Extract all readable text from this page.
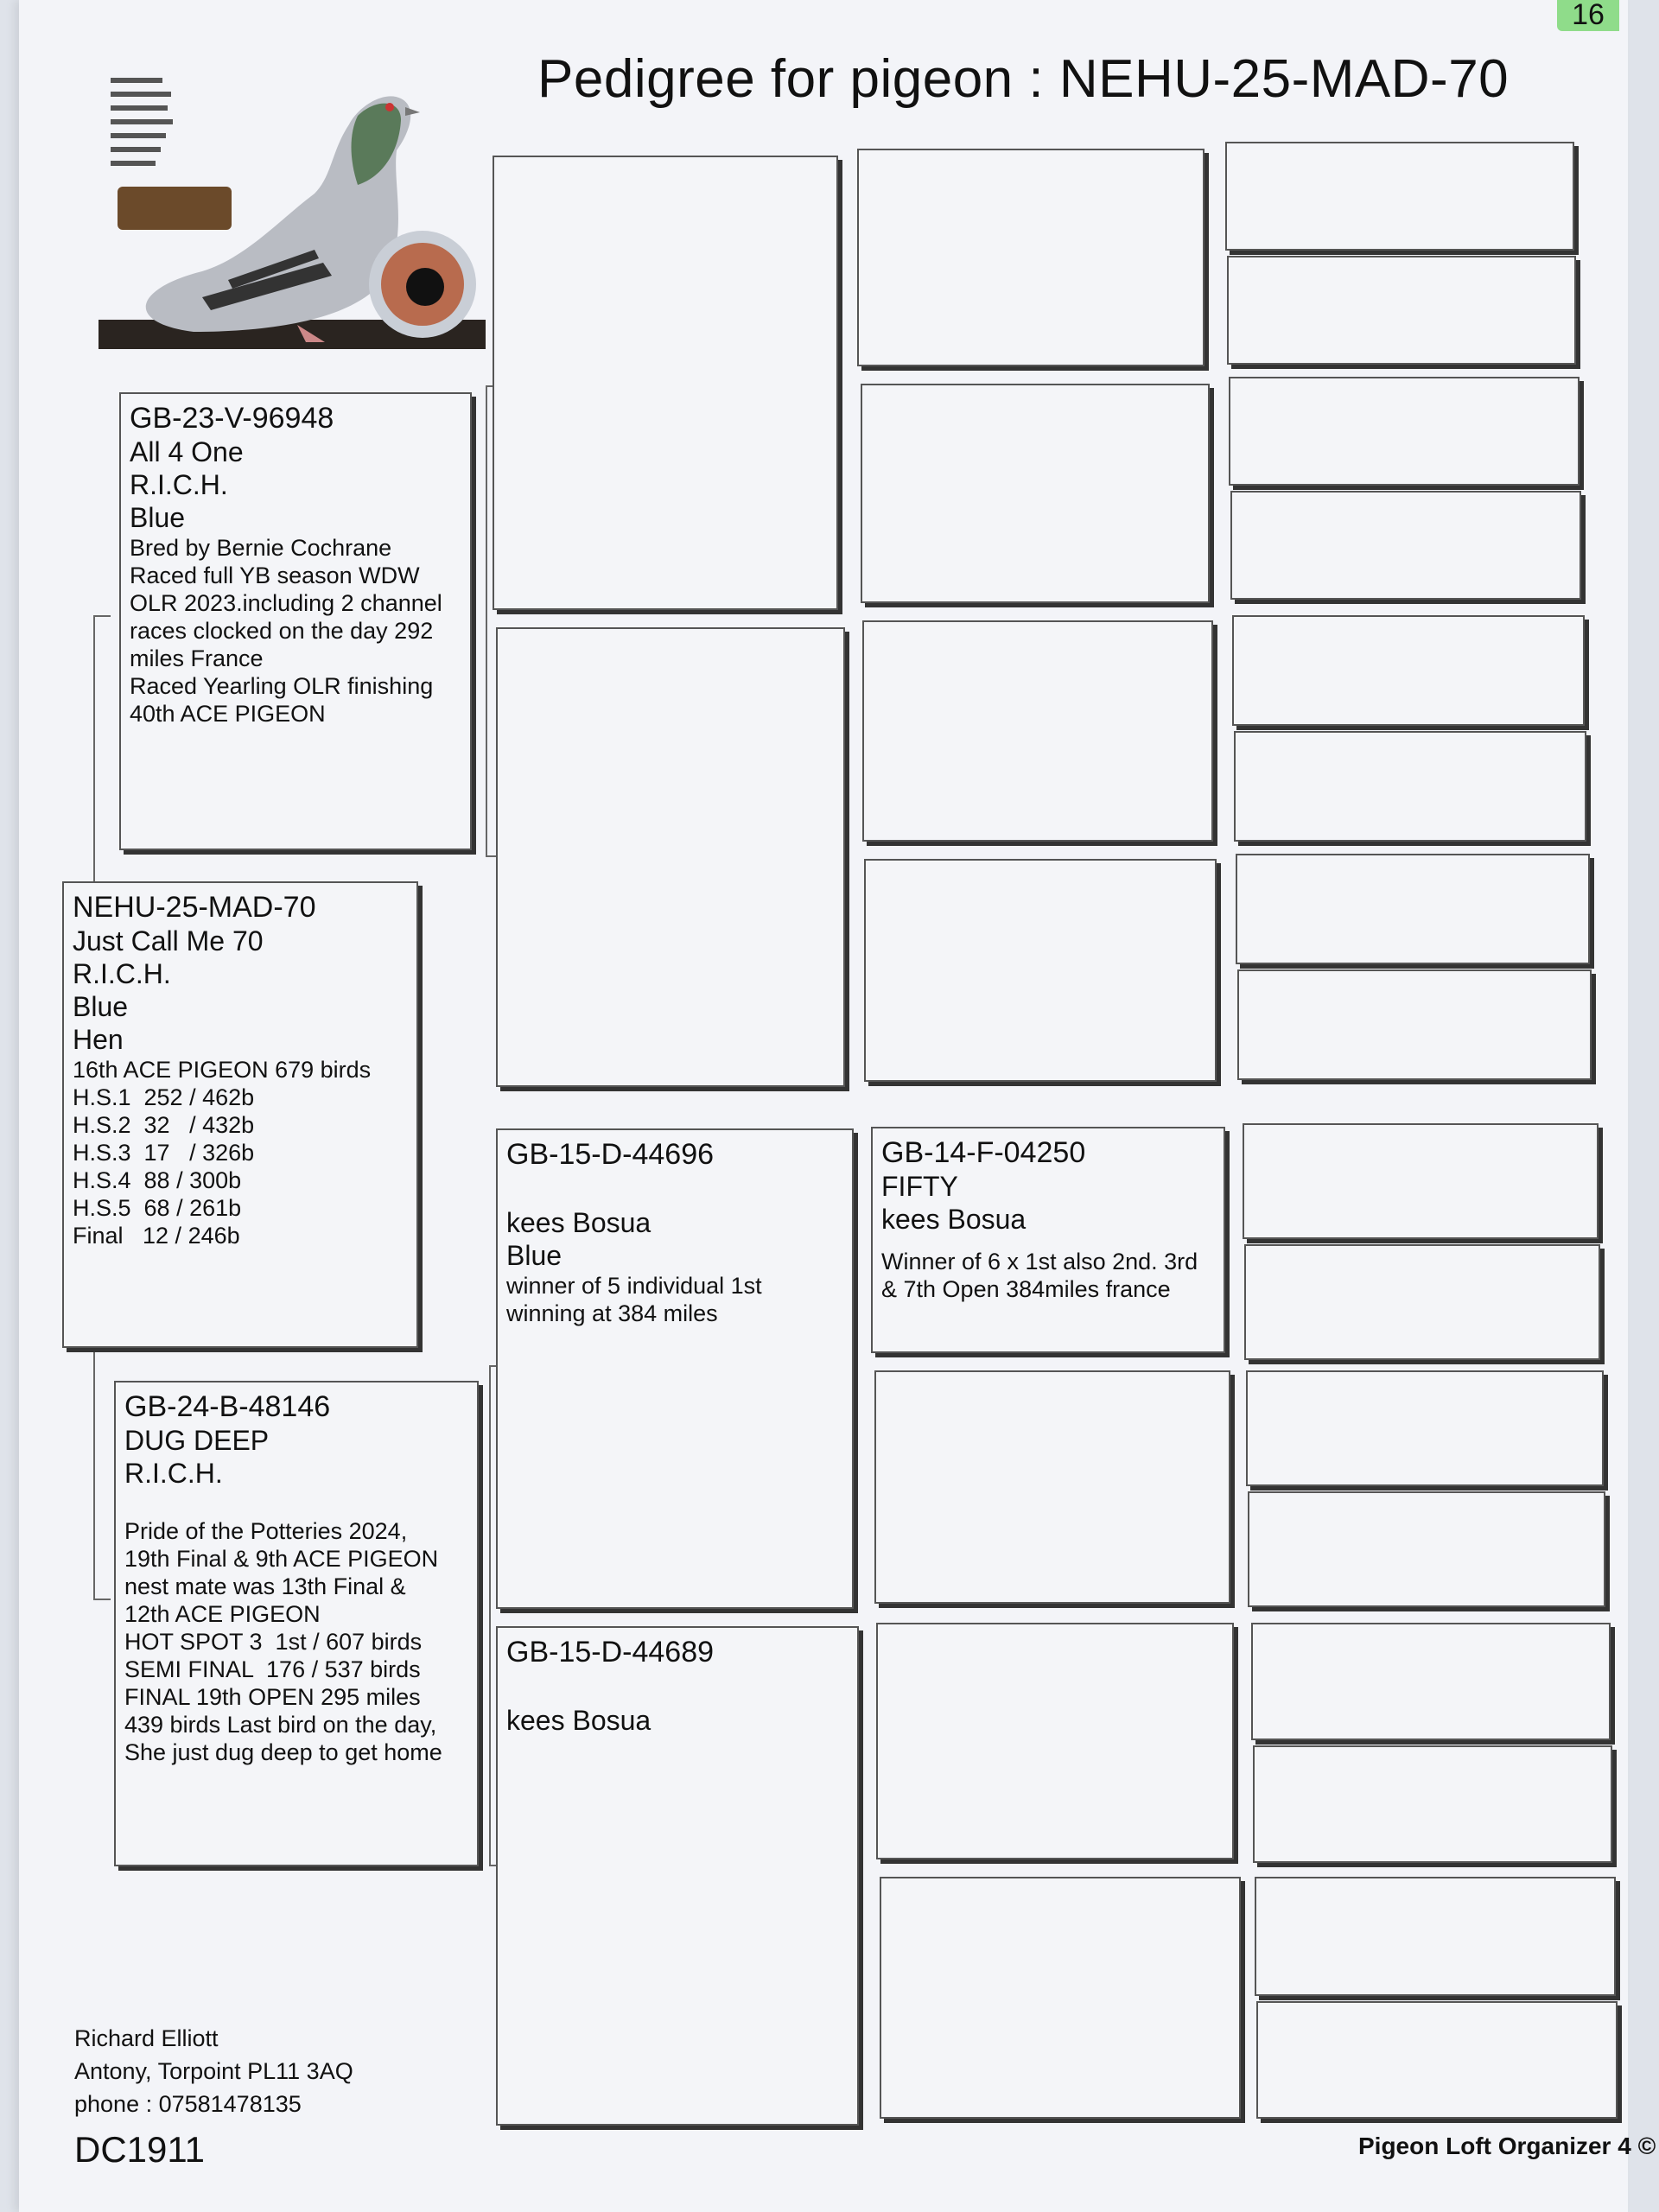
16
Pedigree for pigeon : NEHU-25-MAD-70
NEHU-25-MAD-70
Just Call Me 70
R.I.C.H.
Blue
Hen
16th ACE PIGEON 679 birds
H.S.1  252 / 462b
H.S.2  32   / 432b
H.S.3  17   / 326b
H.S.4  88 / 300b
H.S.5  68 / 261b
Final   12 / 246b
GB-23-V-96948
All 4 One
R.I.C.H.
Blue
Bred by Bernie Cochrane
Raced full YB season WDW
OLR 2023.including 2 channel
races clocked on the day 292
miles France
Raced Yearling OLR finishing
40th ACE PIGEON
GB-24-B-48146
DUG DEEP
R.I.C.H.
Pride of the Potteries 2024,
19th Final & 9th ACE PIGEON
nest mate was 13th Final &
12th ACE PIGEON
HOT SPOT 3  1st / 607 birds
SEMI FINAL  176 / 537 birds
FINAL 19th OPEN 295 miles
439 birds Last bird on the day,
She just dug deep to get home
GB-15-D-44696
kees Bosua
Blue
winner of 5 individual 1st
winning at 384 miles
GB-15-D-44689
kees Bosua
GB-14-F-04250
FIFTY
kees Bosua
Winner of 6 x 1st also 2nd. 3rd
& 7th Open 384miles france
Richard Elliott
Antony, Torpoint PL11 3AQ
phone : 07581478135
DC1911	Pigeon Loft Organizer 4 ©
